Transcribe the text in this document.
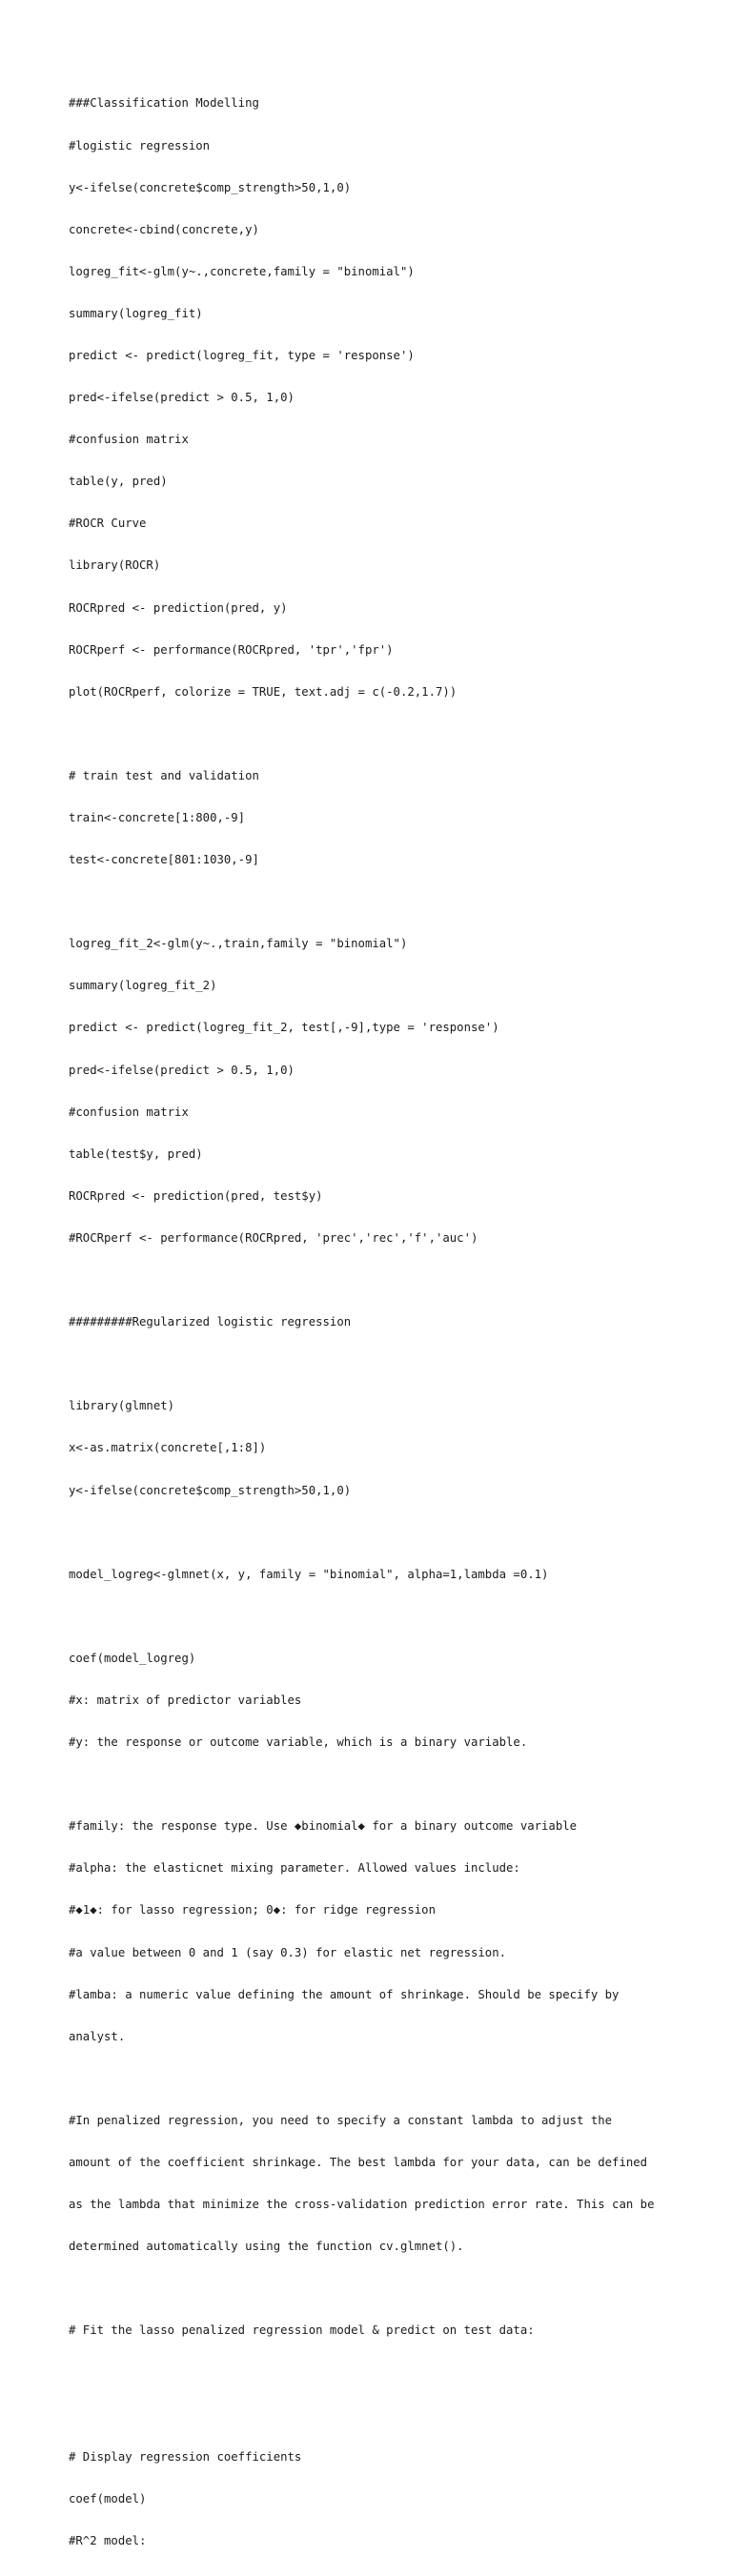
###Classification Modelling

#logistic regression

y<-ifelse(concrete$comp_strength>50,1,0)

concrete<-cbind(concrete,y)

logreg_fit<-glm(y~.,concrete,family = "binomial")

summary(logreg_fit)

predict <- predict(logreg_fit, type = 'response')

pred<-ifelse(predict > 0.5, 1,0)

#confusion matrix

table(y, pred)

#ROCR Curve

library(ROCR)

ROCRpred <- prediction(pred, y)

ROCRperf <- performance(ROCRpred, 'tpr','fpr')

plot(ROCRperf, colorize = TRUE, text.adj = c(-0.2,1.7))

# train test and validation

train<-concrete[1:800,-9]

test<-concrete[801:1030,-9]

logreg_fit_2<-glm(y~.,train,family = "binomial")

summary(logreg_fit_2)

predict <- predict(logreg_fit_2, test[,-9],type = 'response')

pred<-ifelse(predict > 0.5, 1,0)

#confusion matrix

table(test$y, pred)

ROCRpred <- prediction(pred, test$y)

#ROCRperf <- performance(ROCRpred, 'prec','rec','f','auc')

#########Regularized logistic regression

library(glmnet)

x<-as.matrix(concrete[,1:8])

y<-ifelse(concrete$comp_strength>50,1,0)

model_logreg<-glmnet(x, y, family = "binomial", alpha=1,lambda =0.1)

coef(model_logreg)

#x: matrix of predictor variables

#y: the response or outcome variable, which is a binary variable.

#family: the response type. Use ◆binomial◆ for a binary outcome variable

#alpha: the elasticnet mixing parameter. Allowed values include:

#◆1◆: for lasso regression; 0◆: for ridge regression

#a value between 0 and 1 (say 0.3) for elastic net regression.

#lamba: a numeric value defining the amount of shrinkage. Should be specify by

analyst.

#In penalized regression, you need to specify a constant lambda to adjust the

amount of the coefficient shrinkage. The best lambda for your data, can be defined

as the lambda that minimize the cross-validation prediction error rate. This can be

determined automatically using the function cv.glmnet().

# Fit the lasso penalized regression model & predict on test data:

# Display regression coefficients

coef(model)

#R^2 model:
